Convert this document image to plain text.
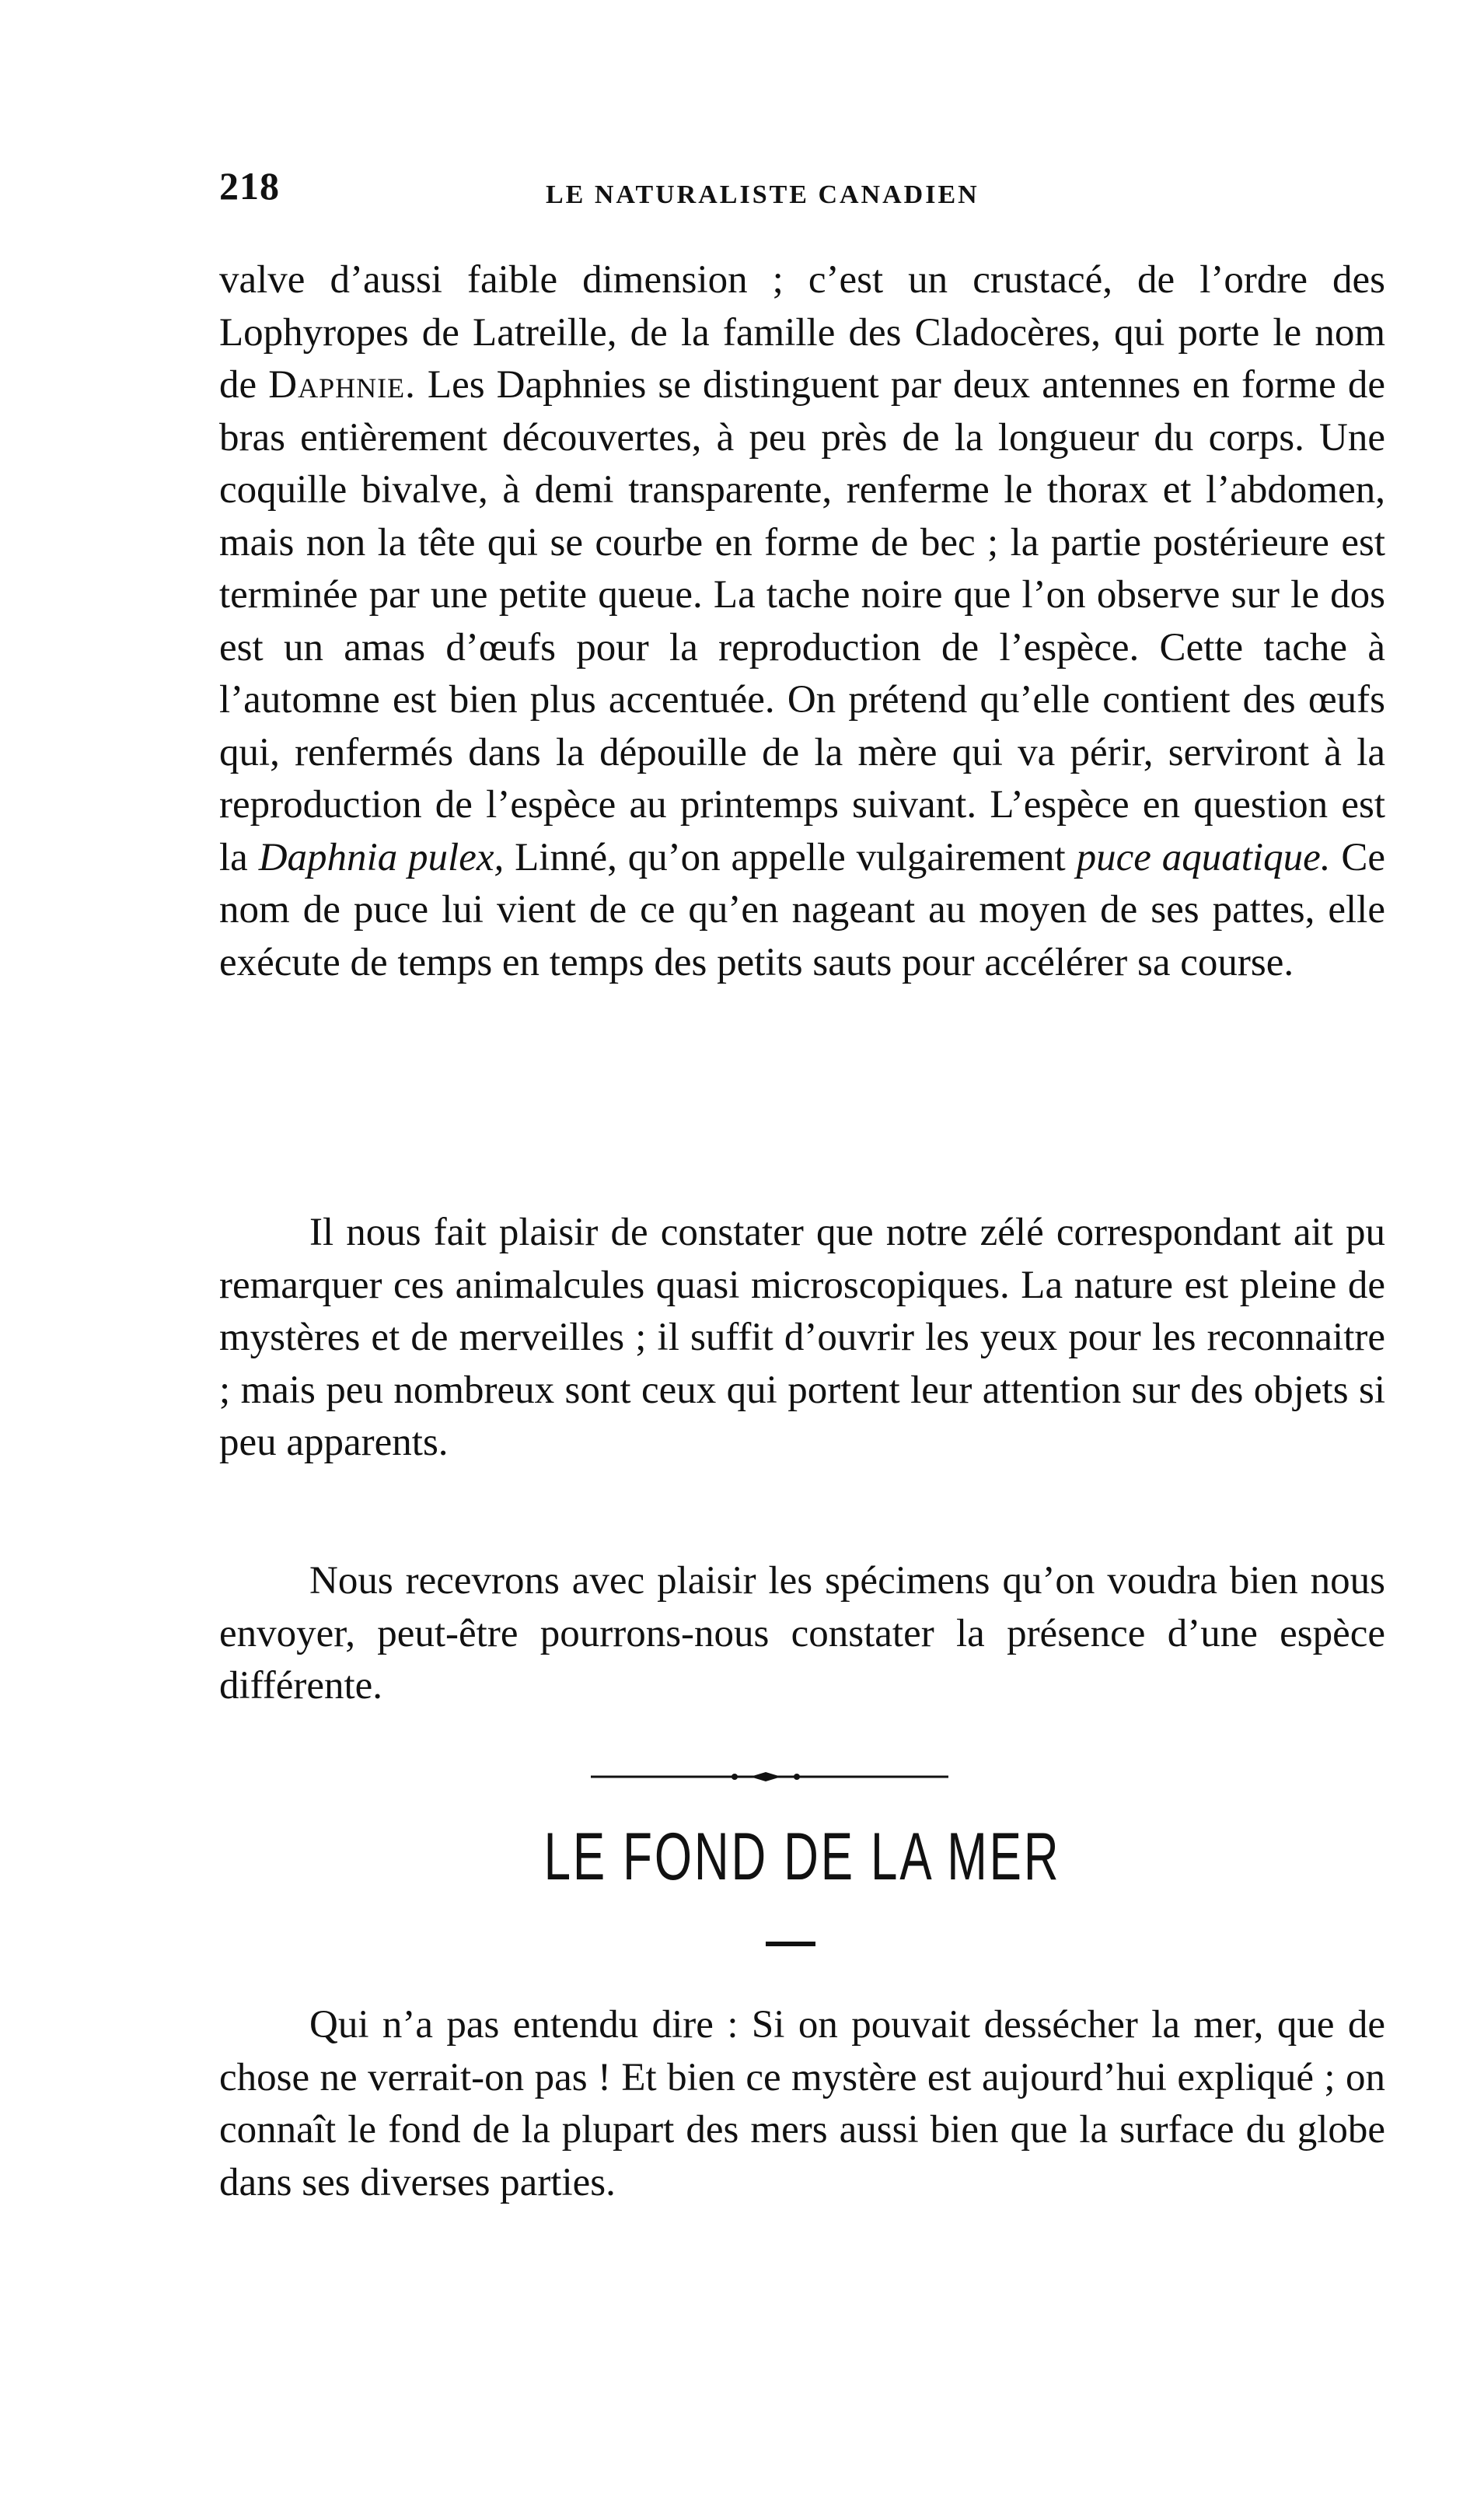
218	LE NATURALISTE CANADIEN

valve d’aussi faible dimension ; c’est un crustacé, de l’ordre des Lophyropes de Latreille, de la famille des Cladocères, qui porte le nom de Daphnie. Les Daphnies se distinguent par deux antennes en forme de bras entièrement découvertes, à peu près de la longueur du corps. Une coquille bivalve, à demi transparente, renferme le thorax et l’abdomen, mais non la tête qui se courbe en forme de bec ; la partie postérieure est terminée par une petite queue. La tache noire que l’on observe sur le dos est un amas d’œufs pour la reproduction de l’espèce. Cette tache à l’automne est bien plus accentuée. On prétend qu’elle contient des œufs qui, renfermés dans la dépouille de la mère qui va périr, serviront à la reproduction de l’espèce au printemps suivant. L’espèce en question est la Daphnia pulex, Linné, qu’on appelle vulgairement puce aquatique. Ce nom de puce lui vient de ce qu’en nageant au moyen de ses pattes, elle exécute de temps en temps des petits sauts pour accélérer sa course.

Il nous fait plaisir de constater que notre zélé correspondant ait pu remarquer ces animalcules quasi microscopiques. La nature est pleine de mystères et de merveilles ; il suffit d’ouvrir les yeux pour les reconnaitre ; mais peu nombreux sont ceux qui portent leur attention sur des objets si peu apparents.

Nous recevrons avec plaisir les spécimens qu’on voudra bien nous envoyer, peut-être pourrons-nous constater la présence d’une espèce différente.

LE FOND DE LA MER

Qui n’a pas entendu dire : Si on pouvait dessécher la mer, que de chose ne verrait-on pas ! Et bien ce mystère est aujourd’hui expliqué ; on connaît le fond de la plupart des mers aussi bien que la surface du globe dans ses diverses parties.
